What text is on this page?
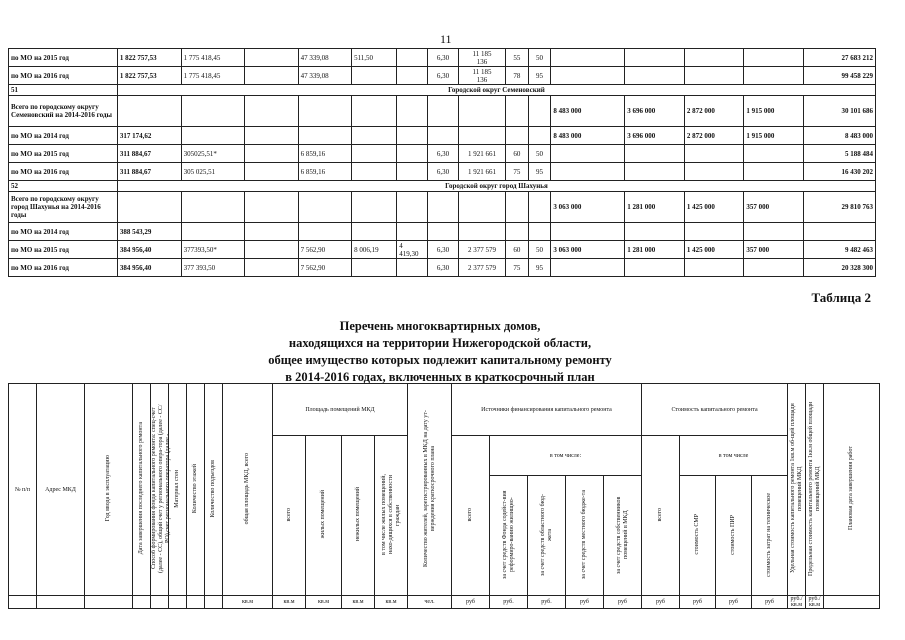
11
по МО на 2015 год	1 822 757,53	1 775 418,45		47 339,08	511,50		6,30	11 185
136	55	50					27 683 212
по МО на 2016 год	1 822 757,53	1 775 418,45		47 339,08			6,30	11 185
136	78	95					99 458 229
51	Городской округ Семеновский														
Всего по городскому округу Семеновский на 2014-2016 годы											8 483 000	3 696 000	2 872 000	1 915 000	30 101 686
по МО на 2014 год	317 174,62										8 483 000	3 696 000	2 872 000	1 915 000	8 483 000
по МО на 2015 год	311 884,67	305025,51*		6 859,16			6,30	1 921 661	60	50					5 188 484
по МО на 2016 год	311 884,67	305 025,51		6 859,16			6,30	1 921 661	75	95					16 430 202
52	Городской округ город Шахунья														
Всего по городскому округу город Шахунья на 2014-2016 годы											3 063 000	1 281 000	1 425 000	357 000	29 810 763
по МО на 2014 год	388 543,29														
по МО на 2015 год	384 956,40	377393,50*		7 562,90	8 006,19	4
419,30	6,30	2 377 579	60	50	3 063 000	1 281 000	1 425 000	357 000	9 482 463
по МО на 2016 год	384 956,40	377 393,50		7 562,90			6,30	2 377 579	75	95					20 328 300
Таблица 2
Перечень многоквартирных домов,
находящихся на территории Нижегородской области,
общее имущество которых подлежит капитальному ремонту
в 2014-2016 годах, включенных в краткосрочный план
№ п/п	Адрес МКД	Год ввода в эксплуатацию	Дата завершения последнего капитального ремонта	Способ формирования фонда капитального ремонта: спец-счет (далее - СС), общий счет у регионального опера-тора (далее - СС/РО),счет регионального оператора (далее -	Материал стен	Количество этажей	Количество подъездов	общая площадь МКД, всего	Площадь помещений МКД				Количество жителей, зарегистрированных в МКД на дату ут-верждения краткосрочного плана	Источники финансирования капитального ремонта					Стоимость капитального ремонта				Удельная стоимость капитального ремонта 1кв.м об-щей площади помещений МКД	Предельная стоимость капитального ремонта 1кв.м общей площади помещений МКД	Плановая дата завершения работ
									всего	жилых помещений	нежилых помещений	в том числе жилых помещений, нахо-дящихся в собственности граждан		всего	в том числе:				всего	в том числе					
															за счет средств Фонда содейст-вия реформиро-ванию жилищно-	за счет средств областного бюд-жета	за счет средств местного бюдже-та	за счет средств собственников помещений в МКД		стоимость СМР	стоимость ПИР	стоимость затрат на техническое			
								кв.м	кв.м	кв.м	кв.м	кв.м	чел.	руб	руб.	руб.	руб	руб	руб	руб	руб	руб	руб./ кв.м	руб./ кв.м	
